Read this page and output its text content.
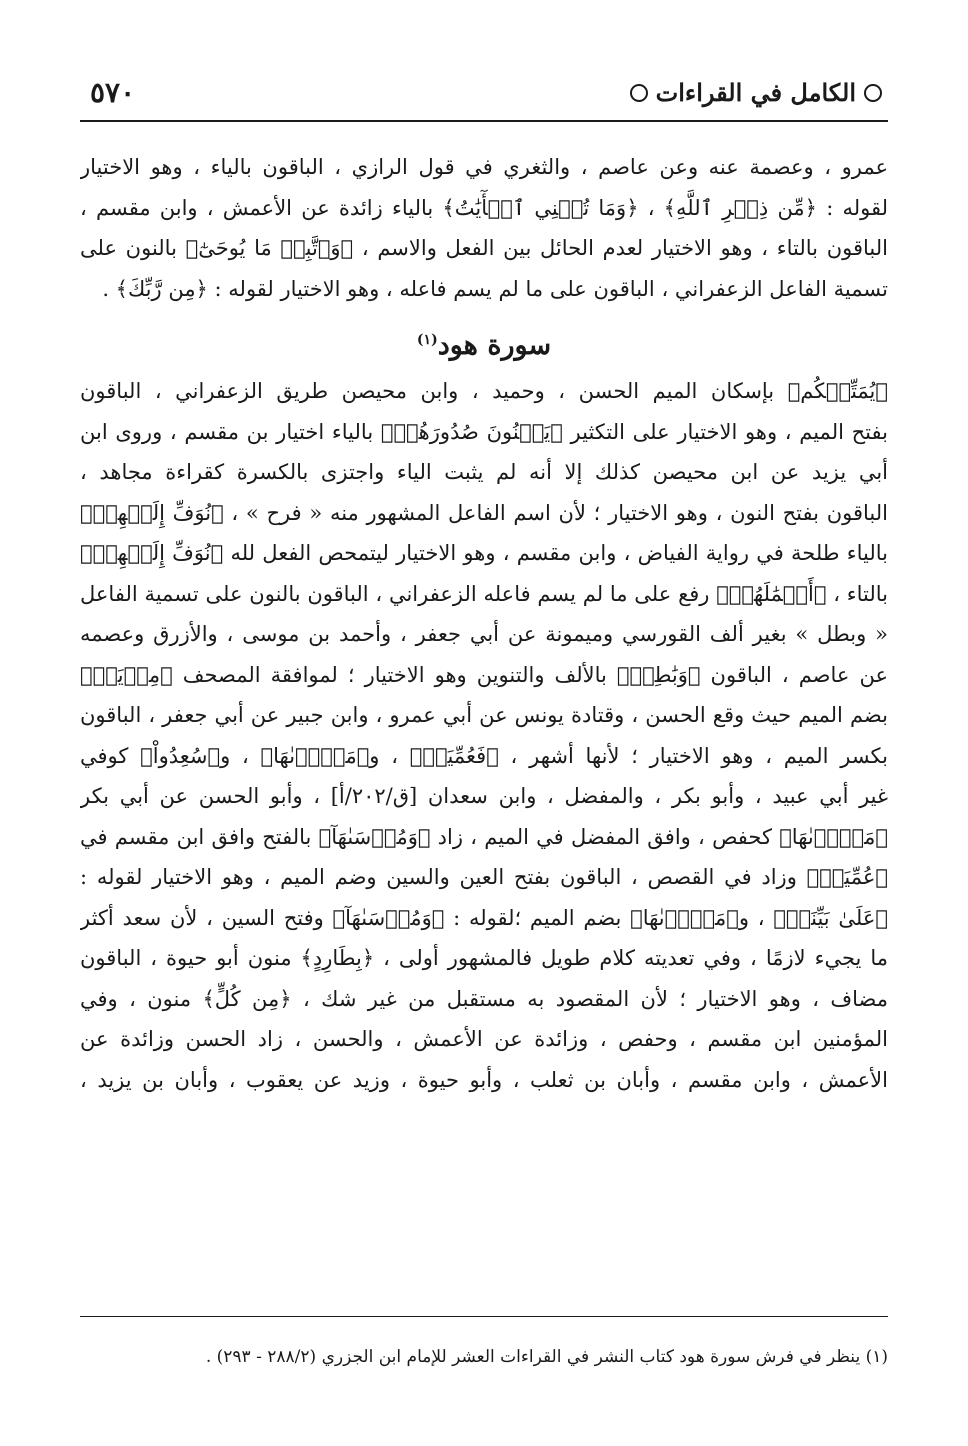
٥٧٠	الكامل في القراءات
عمرو ، وعصمة عنه وعن عاصم ، والثغري في قول الرازي ، الباقون بالياء ، وهو الاختيار
لقوله : ﴿مِّن ذِكۡرِ ٱللَّهِ﴾ ، ﴿وَمَا تُغۡنِي ٱلۡأٓيَٰتُ﴾ بالياء زائدة عن الأعمش ، وابن مقسم ،
الباقون بالتاء ، وهو الاختيار لعدم الحائل بين الفعل والاسم ، ﴿وَٱتَّبِعۡ مَا يُوحَىٰٓ﴾ بالنون على
تسمية الفاعل الزعفراني ، الباقون على ما لم يسم فاعله ، وهو الاختيار لقوله : ﴿مِن رَّبِّكَ﴾ .
سورة هود$^{(١)}$
﴿يُمَتِّعۡكُم﴾ بإسكان الميم الحسن ، وحميد ، وابن محيصن طريق الزعفراني ، الباقون
بفتح الميم ، وهو الاختيار على التكثير ﴿يَثۡنُونَ صُدُورَهُمۡ﴾ بالياء اختيار بن مقسم ، وروى ابن
أبي يزيد عن ابن محيصن كذلك إلا أنه لم يثبت الياء واجتزى بالكسرة كقراءة مجاهد ،
الباقون بفتح النون ، وهو الاختيار ؛ لأن اسم الفاعل المشهور منه « فرح » ، ﴿نُوَفِّ إِلَيۡهِمۡ﴾
بالياء طلحة في رواية الفياض ، وابن مقسم ، وهو الاختيار ليتمحص الفعل لله ﴿نُوَفِّ إِلَيۡهِمۡ﴾
بالتاء ، ﴿أَعۡمَٰلَهُمۡ﴾ رفع على ما لم يسم فاعله الزعفراني ، الباقون بالنون على تسمية الفاعل
« وبطل » بغير ألف القورسي وميمونة عن أبي جعفر ، وأحمد بن موسى ، والأزرق وعصمه
عن عاصم ، الباقون ﴿وَبَٰطِلٞ﴾ بالألف والتنوين وهو الاختيار ؛ لموافقة المصحف ﴿مِرۡيَةٖ﴾
بضم الميم حيث وقع الحسن ، وقتادة يونس عن أبي عمرو ، وابن جبير عن أبي جعفر ، الباقون
بكسر الميم ، وهو الاختيار ؛ لأنها أشهر ، ﴿فَعُمِّيَتۡ﴾ ، و﴿مَجۡرٜىٰهَا﴾ ، و﴿سُعِدُواْ﴾ كوفي
غير أبي عبيد ، وأبو بكر ، والمفضل ، وابن سعدان [ق/٢٠٢/أ] ، وأبو الحسن عن أبي بكر
﴿مَجۡرٜىٰهَا﴾ كحفص ، وافق المفضل في الميم ، زاد ﴿وَمُرۡسَىٰهَآ﴾ بالفتح وافق ابن مقسم في
﴿عُمِّيَتۡ﴾ وزاد في القصص ، الباقون بفتح العين والسين وضم الميم ، وهو الاختيار لقوله :
﴿عَلَىٰ بَيِّنَةٖ﴾ ، و﴿مَجۡرٜىٰهَا﴾ بضم الميم ؛لقوله : ﴿وَمُرۡسَىٰهَآ﴾ وفتح السين ، لأن سعد أكثر
ما يجيء لازمًا ، وفي تعديته كلام طويل فالمشهور أولى ، ﴿بِطَارِدٍ﴾ منون أبو حيوة ، الباقون
مضاف ، وهو الاختيار ؛ لأن المقصود به مستقبل من غير شك ، ﴿مِن كُلٍّ﴾ منون ، وفي
المؤمنين ابن مقسم ، وحفص ، وزائدة عن الأعمش ، والحسن ، زاد الحسن وزائدة عن
الأعمش ، وابن مقسم ، وأبان بن ثعلب ، وأبو حيوة ، وزيد عن يعقوب ، وأبان بن يزيد ،
(١) ينظر في فرش سورة هود كتاب النشر في القراءات العشر للإمام ابن الجزري (٢٨٨/٢ - ٢٩٣) .
